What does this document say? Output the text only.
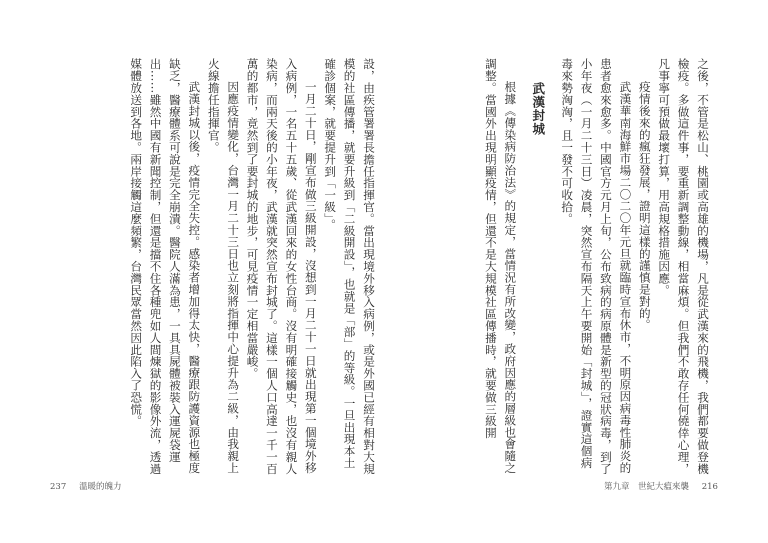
設，由疾管署署長擔任指揮官。當出現境外移入病例，或是外國已經有相對大規模的社區傳播，就要升級到「二級開設」，也就是「部」的等級。一旦出現本土確診個案，就要提升到「一級」。

一月二十日，剛宣布做三級開設，沒想到一月二十一日就出現第一個境外移入病例，一名五十五歲、從武漢回來的女性台商。沒有明確接觸史，也沒有親人染病，而兩天後的小年夜，武漢就突然宣布封城了。這樣一個人口高達一千一百萬的都市，竟然到了要封城的地步，可見疫情一定相當嚴峻。

因應疫情變化，台灣一月二十三日也立刻將指揮中心提升為二級，由我親上火線擔任指揮官。

武漢封城以後，疫情完全失控。感染者增加得太快，醫療跟防護資源也極度缺乏，醫療體系可說是完全崩潰。醫院人滿為患，一具具屍體被裝入運屍袋運出……雖然中國有新聞控制，但還是擋不住各種兜如人間煉獄的影像外流，透過媒體放送到各地。兩岸接觸這麼頻繁，台灣民眾當然因此陷入了恐慌。	之後，不管是松山、桃園或高雄的機場，凡是從武漢來的飛機，我們都要做登機檢疫。多做這件事，要重新調整動線，相當麻煩。但我們不敢存任何僥倖心理，凡事寧可預做最壞打算，用高規格措施因應。

疫情後來的瘋狂發展，證明這樣的謹慎是對的。

武漢華南海鮮市場二〇二〇年元旦就臨時宣布休市，不明原因病毒性肺炎的患者愈來愈多。中國官方元月上旬，公布致病的病原體是新型的冠狀病毒，到了小年夜（一月二十三日）凌晨，突然宣布隔天上午要開始「封城」，證實這個病毒來勢洶洶，且一發不可收拾。

武漢封城

根據《傳染病防治法》的規定，當情況有所改變，政府因應的層級也會隨之調整。當國外出現明顯疫情，但還不是大規模社區傳播時，就要做三級開

237 溫暖的魄力	第九章　世紀大瘟來襲 216
